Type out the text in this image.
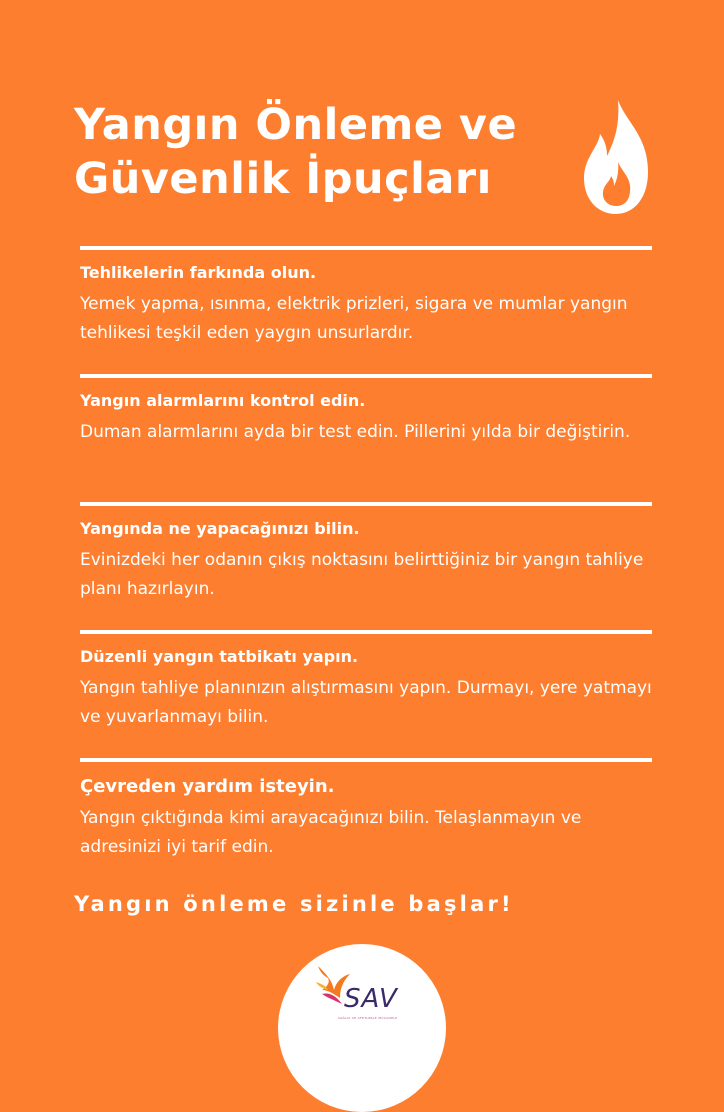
Yangın Önleme ve
Güvenlik İpuçları
Tehlikelerin farkında olun.

Yemek yapma, ısınma, elektrik prizleri, sigara ve mumlar yangın tehlikesi teşkil eden yaygın unsurlardır.

Yangın alarmlarını kontrol edin.

Duman alarmlarını ayda bir test edin. Pillerini yılda bir değiştirin.

Yangında ne yapacağınızı bilin.

Evinizdeki her odanın çıkış noktasını belirttiğiniz bir yangın tahliye planı hazırlayın.

Düzenli yangın tatbikatı yapın.

Yangın tahliye planınızın alıştırmasını yapın. Durmayı, yere yatmayı ve yuvarlanmayı bilin.

Çevreden yardım isteyin.

Yangın çıktığında kimi arayacağınızı bilin. Telaşlanmayın ve adresinizi iyi tarif edin.

Yangın önleme sizinle başlar!

SAV
SAĞLIK VE AFETLERLE MÜCADELE
